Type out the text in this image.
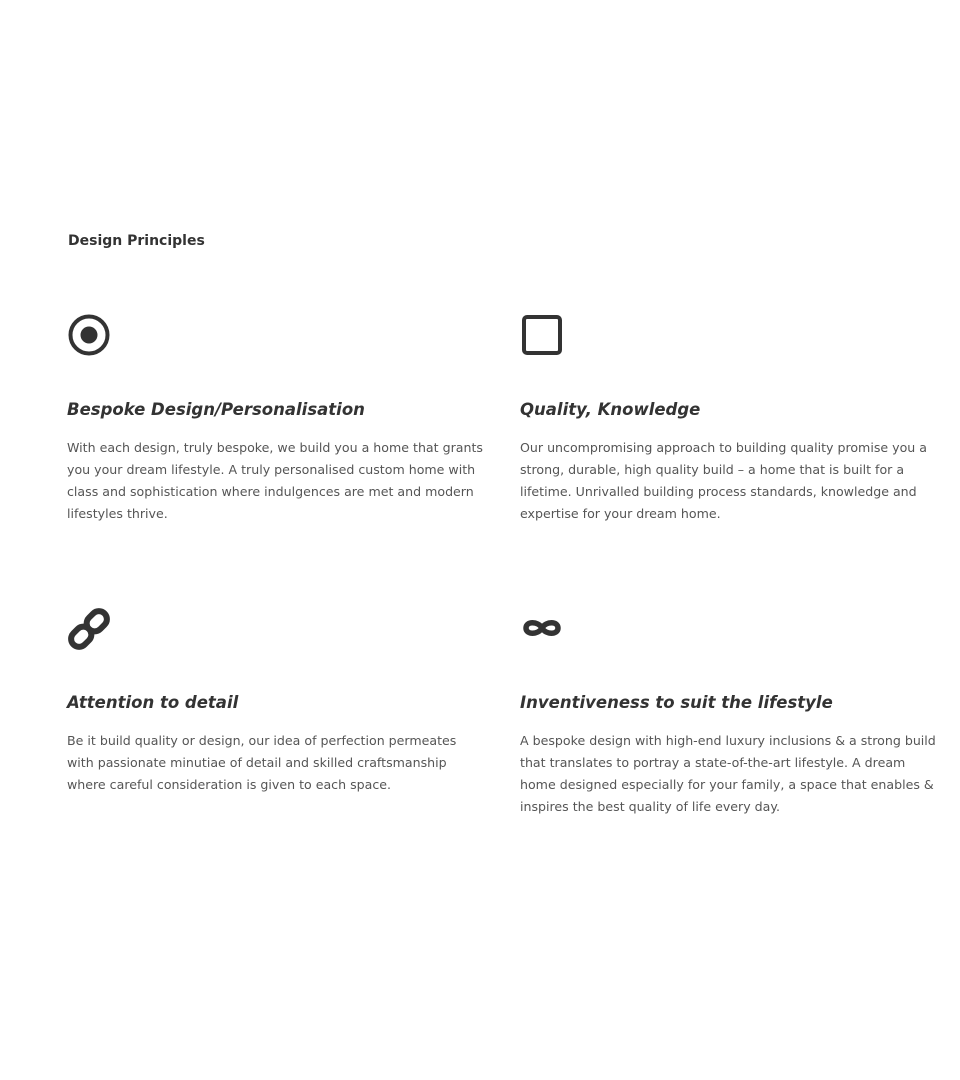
Design Principles
Bespoke Design/Personalisation

With each design, truly bespoke, we build you a home that grants you your dream lifestyle. A truly personalised custom home with class and sophistication where indulgences are met and modern lifestyles thrive.

Quality, Knowledge

Our uncompromising approach to building quality promise you a strong, durable, high quality build – a home that is built for a lifetime. Unrivalled building process standards, knowledge and expertise for your dream home.

Attention to detail

Be it build quality or design, our idea of perfection permeates with passionate minutiae of detail and skilled craftsmanship where careful consideration is given to each space.

Inventiveness to suit the lifestyle

A bespoke design with high-end luxury inclusions & a strong build that translates to portray a state-of-the-art lifestyle. A dream home designed especially for your family, a space that enables & inspires the best quality of life every day.
